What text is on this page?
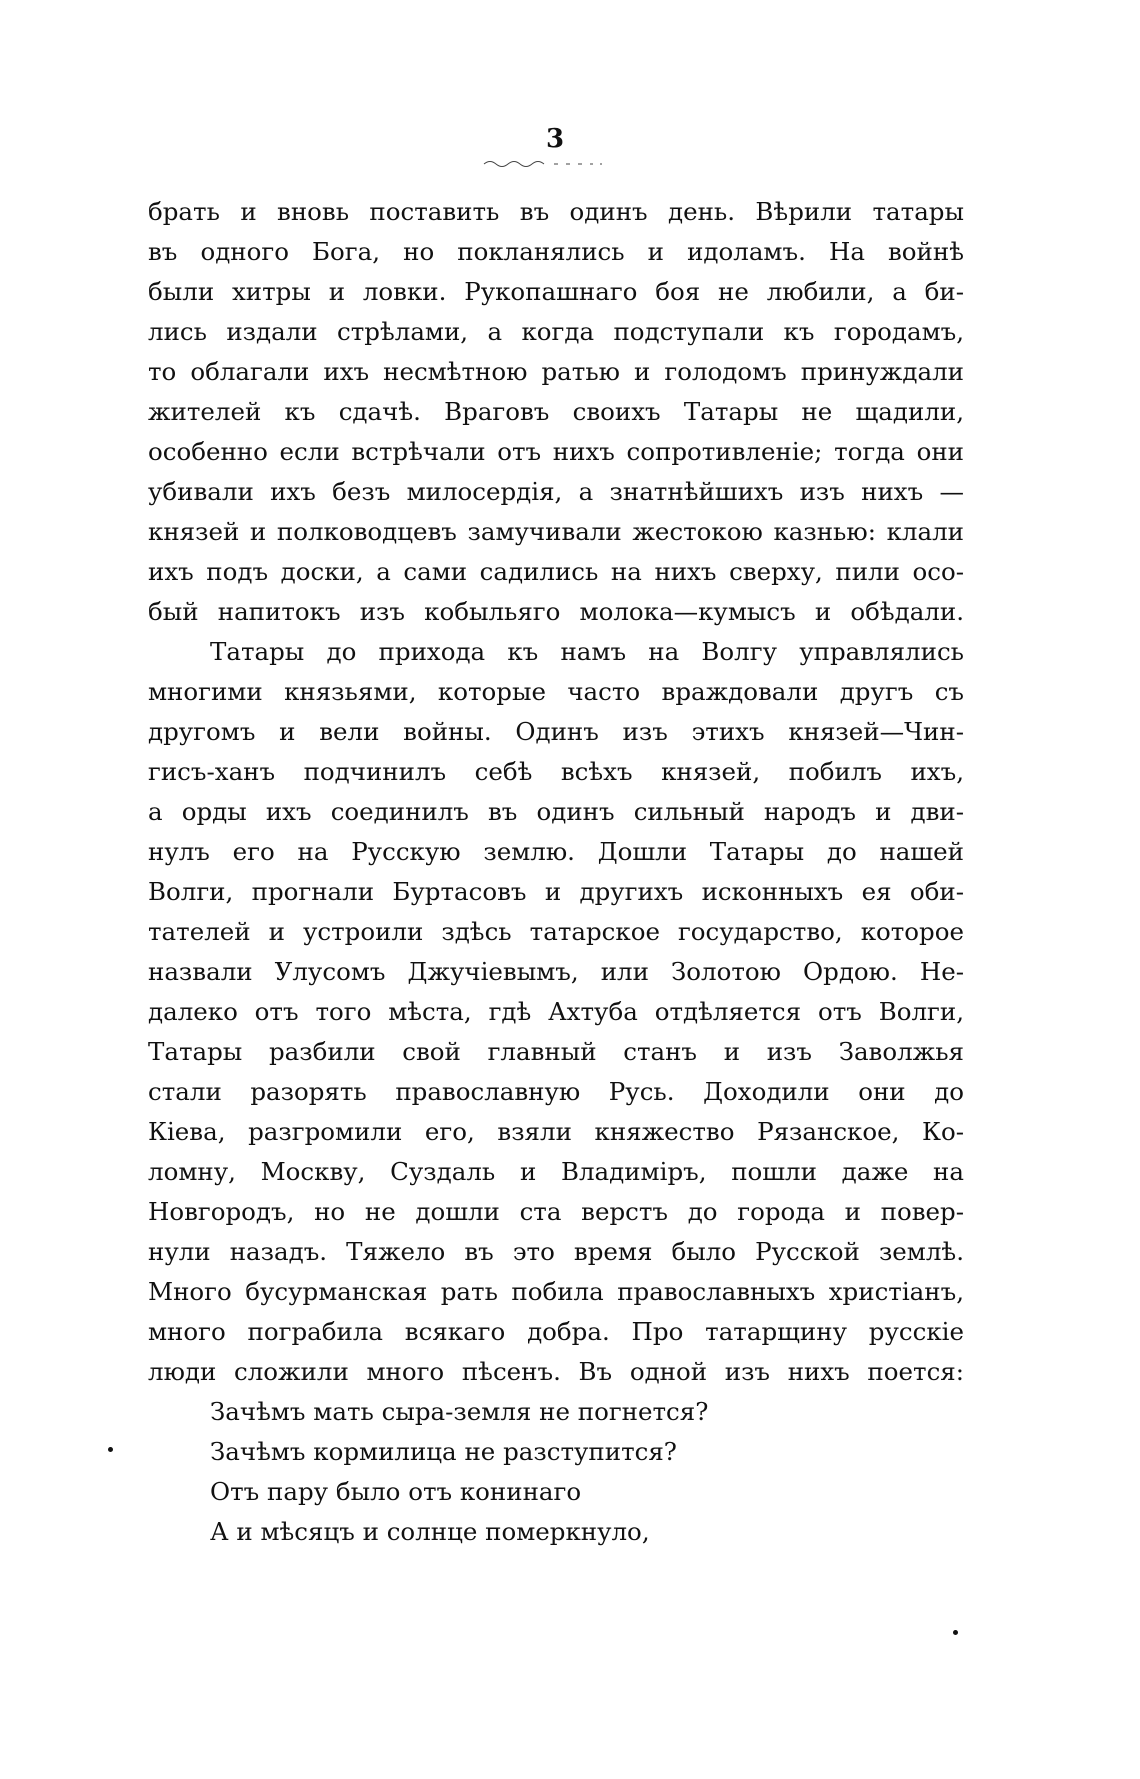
3
брать и вновь поставить въ одинъ день. Вѣрили татары
въ одного Бога, но покланялись и идоламъ. На войнѣ
были хитры и ловки. Рукопашнаго боя не любили, а би-
лись издали стрѣлами, а когда подступали къ городамъ,
то облагали ихъ несмѣтною ратью и голодомъ принуждали
жителей къ сдачѣ. Враговъ своихъ Татары не щадили,
особенно если встрѣчали отъ нихъ сопротивленіе; тогда они
убивали ихъ безъ милосердія, а знатнѣйшихъ изъ нихъ —
князей и полководцевъ замучивали жестокою казнью: клали
ихъ подъ доски, а сами садились на нихъ сверху, пили осо-
бый напитокъ изъ кобыльяго молока—кумысъ и обѣдали.
Татары до прихода къ намъ на Волгу управлялись
многими князьями, которые часто враждовали другъ съ
другомъ и вели войны. Одинъ изъ этихъ князей—Чин-
гисъ-ханъ подчинилъ себѣ всѣхъ князей, побилъ ихъ,
а орды ихъ соединилъ въ одинъ сильный народъ и дви-
нулъ его на Русскую землю. Дошли Татары до нашей
Волги, прогнали Буртасовъ и другихъ исконныхъ ея оби-
тателей и устроили здѣсь татарское государство, которое
назвали Улусомъ Джучіевымъ, или Золотою Ордою. Не-
далеко отъ того мѣста, гдѣ Ахтуба отдѣляется отъ Волги,
Татары разбили свой главный станъ и изъ Заволжья
стали разорять православную Русь. Доходили они до
Кіева, разгромили его, взяли княжество Рязанское, Ко-
ломну, Москву, Суздаль и Владиміръ, пошли даже на
Новгородъ, но не дошли ста верстъ до города и повер-
нули назадъ. Тяжело въ это время было Русской землѣ.
Много бусурманская рать побила православныхъ христіанъ,
много пограбила всякаго добра. Про татарщину русскіе
люди сложили много пѣсенъ. Въ одной изъ нихъ поется:
Зачѣмъ мать сыра-земля не погнется?
Зачѣмъ кормилица не разступится?
Отъ пару было отъ конинаго
А и мѣсяцъ и солнце померкнуло,
